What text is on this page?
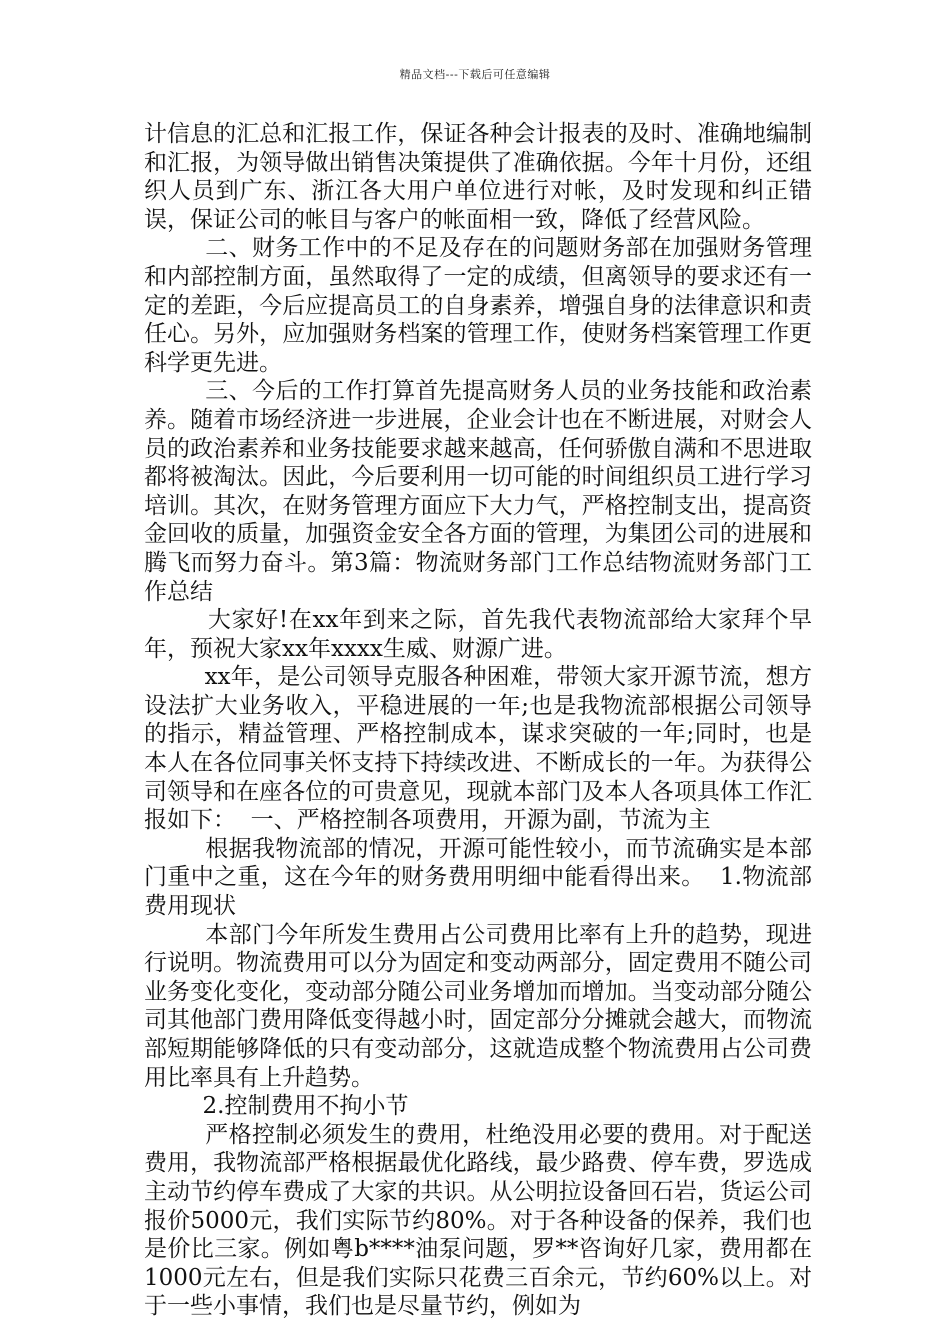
精品文档---下载后可任意编辑

计信息的汇总和汇报工作，保证各种会计报表的及时、准确地编制和汇报，为领导做出销售决策提供了准确依据。今年十月份，还组织人员到广东、浙江各大用户单位进行对帐，及时发现和纠正错误，保证公司的帐目与客户的帐面相一致，降低了经营风险。

二、财务工作中的不足及存在的问题财务部在加强财务管理和内部控制方面，虽然取得了一定的成绩，但离领导的要求还有一定的差距，今后应提高员工的自身素养，增强自身的法律意识和责任心。另外，应加强财务档案的管理工作，使财务档案管理工作更科学更先进。

三、今后的工作打算首先提高财务人员的业务技能和政治素养。随着市场经济进一步进展，企业会计也在不断进展，对财会人员的政治素养和业务技能要求越来越高，任何骄傲自满和不思进取都将被淘汰。因此，今后要利用一切可能的时间组织员工进行学习培训。其次，在财务管理方面应下大力气，严格控制支出，提高资金回收的质量，加强资金安全各方面的管理，为集团公司的进展和腾飞而努力奋斗。第3篇：物流财务部门工作总结物流财务部门工作总结

大家好!在xx年到来之际，首先我代表物流部给大家拜个早年，预祝大家xx年xxxx生威、财源广进。

xx年，是公司领导克服各种困难，带领大家开源节流，想方设法扩大业务收入，平稳进展的一年;也是我物流部根据公司领导的指示，精益管理、严格控制成本，谋求突破的一年;同时，也是本人在各位同事关怀支持下持续改进、不断成长的一年。为获得公司领导和在座各位的可贵意见，现就本部门及本人各项具体工作汇报如下：  一、严格控制各项费用，开源为副，节流为主

根据我物流部的情况，开源可能性较小，而节流确实是本部门重中之重，这在今年的财务费用明细中能看得出来。  1.物流部费用现状

本部门今年所发生费用占公司费用比率有上升的趋势，现进行说明。物流费用可以分为固定和变动两部分，固定费用不随公司业务变化变化，变动部分随公司业务增加而增加。当变动部分随公司其他部门费用降低变得越小时，固定部分分摊就会越大，而物流部短期能够降低的只有变动部分，这就造成整个物流费用占公司费用比率具有上升趋势。

2.控制费用不拘小节

严格控制必须发生的费用，杜绝没用必要的费用。对于配送费用，我物流部严格根据最优化路线，最少路费、停车费，罗选成主动节约停车费成了大家的共识。从公明拉设备回石岩，货运公司报价5000元，我们实际节约80%。对于各种设备的保养，我们也是价比三家。例如粤b****油泵问题，罗**咨询好几家，费用都在1000元左右，但是我们实际只花费三百余元，节约60%以上。对于一些小事情，我们也是尽量节约，例如为
